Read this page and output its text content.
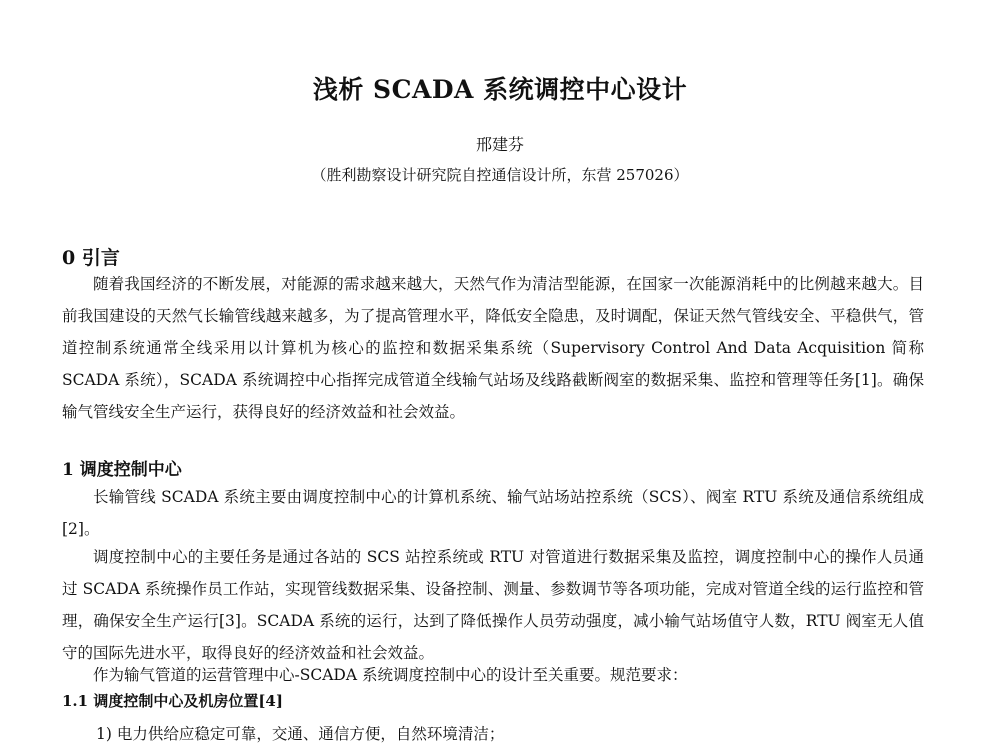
浅析 SCADA 系统调控中心设计

邢建芬

（胜利勘察设计研究院自控通信设计所，东营 257026）

0 引言

随着我国经济的不断发展，对能源的需求越来越大，天然气作为清洁型能源，在国家一次能源消耗中的比例越来越大。目前我国建设的天然气长输管线越来越多，为了提高管理水平，降低安全隐患，及时调配，保证天然气管线安全、平稳供气，管道控制系统通常全线采用以计算机为核心的监控和数据采集系统（Supervisory Control And Data Acquisition 简称 SCADA 系统），SCADA 系统调控中心指挥完成管道全线输气站场及线路截断阀室的数据采集、监控和管理等任务[1]。确保输气管线安全生产运行，获得良好的经济效益和社会效益。

1 调度控制中心

长输管线 SCADA 系统主要由调度控制中心的计算机系统、输气站场站控系统（SCS）、阀室 RTU 系统及通信系统组成[2]。

调度控制中心的主要任务是通过各站的 SCS 站控系统或 RTU 对管道进行数据采集及监控，调度控制中心的操作人员通过 SCADA 系统操作员工作站，实现管线数据采集、设备控制、测量、参数调节等各项功能，完成对管道全线的运行监控和管理，确保安全生产运行[3]。SCADA 系统的运行，达到了降低操作人员劳动强度，减小输气站场值守人数，RTU 阀室无人值守的国际先进水平，取得良好的经济效益和社会效益。

作为输气管道的运营管理中心-SCADA 系统调度控制中心的设计至关重要。规范要求：

1.1 调度控制中心及机房位置[4]

1) 电力供给应稳定可靠，交通、通信方便，自然环境清洁；
